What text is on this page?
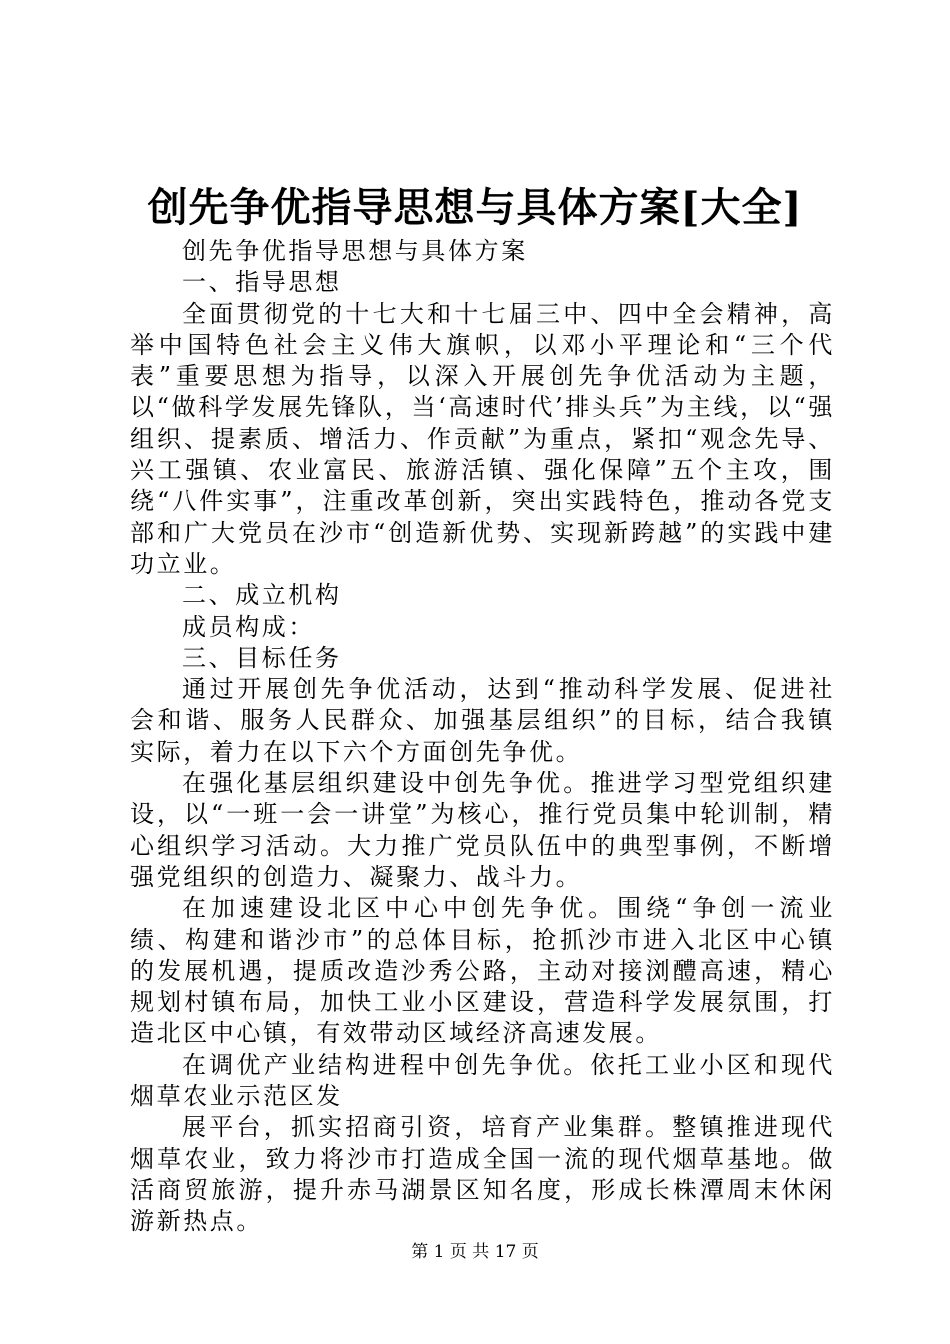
创先争优指导思想与具体方案[大全]

创先争优指导思想与具体方案

一、指导思想

全面贯彻党的十七大和十七届三中、四中全会精神，高举中国特色社会主义伟大旗帜，以邓小平理论和“三个代表”重要思想为指导，以深入开展创先争优活动为主题，以“做科学发展先锋队，当‘高速时代’排头兵”为主线，以“强组织、提素质、增活力、作贡献”为重点，紧扣“观念先导、兴工强镇、农业富民、旅游活镇、强化保障”五个主攻，围绕“八件实事”，注重改革创新，突出实践特色，推动各党支部和广大党员在沙市“创造新优势、实现新跨越”的实践中建功立业。

二、成立机构

成员构成：

三、目标任务

通过开展创先争优活动，达到“推动科学发展、促进社会和谐、服务人民群众、加强基层组织”的目标，结合我镇实际，着力在以下六个方面创先争优。

在强化基层组织建设中创先争优。推进学习型党组织建设，以“一班一会一讲堂”为核心，推行党员集中轮训制，精心组织学习活动。大力推广党员队伍中的典型事例，不断增强党组织的创造力、凝聚力、战斗力。

在加速建设北区中心中创先争优。围绕“争创一流业绩、构建和谐沙市”的总体目标，抢抓沙市进入北区中心镇的发展机遇，提质改造沙秀公路，主动对接浏醴高速，精心规划村镇布局，加快工业小区建设，营造科学发展氛围，打造北区中心镇，有效带动区域经济高速发展。

在调优产业结构进程中创先争优。依托工业小区和现代烟草农业示范区发

展平台，抓实招商引资，培育产业集群。整镇推进现代烟草农业，致力将沙市打造成全国一流的现代烟草基地。做活商贸旅游，提升赤马湖景区知名度，形成长株潭周末休闲游新热点。

第 1 页 共 17 页
